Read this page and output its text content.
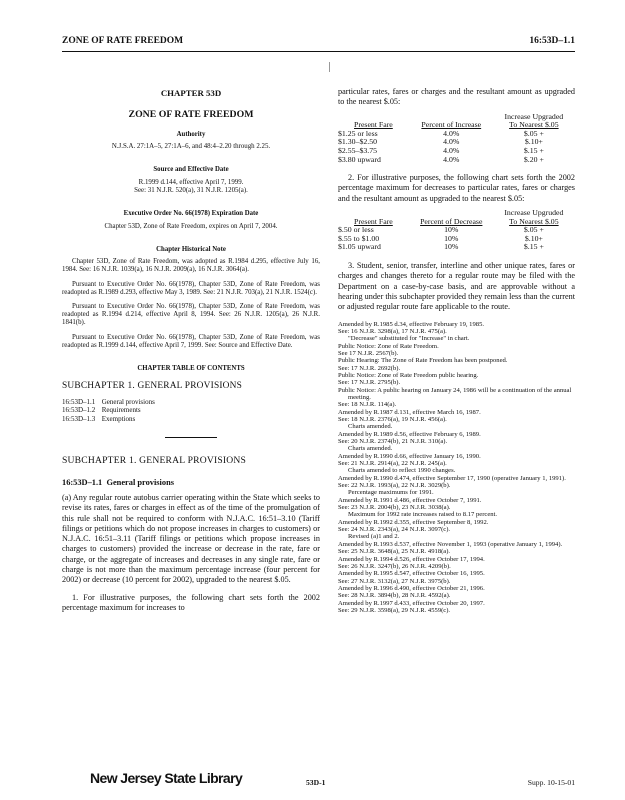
ZONE OF RATE FREEDOM	16:53D–1.1
CHAPTER 53D
ZONE OF RATE FREEDOM
Authority
N.J.S.A. 27:1A–5, 27:1A–6, and 48:4–2.20 through 2.25.
Source and Effective Date
R.1999 d.144, effective April 7, 1999.
See: 31 N.J.R. 520(a), 31 N.J.R. 1205(a).
Executive Order No. 66(1978) Expiration Date
Chapter 53D, Zone of Rate Freedom, expires on April 7, 2004.
Chapter Historical Note

Chapter 53D, Zone of Rate Freedom, was adopted as R.1984 d.295, effective July 16, 1984. See: 16 N.J.R. 1039(a), 16 N.J.R. 2009(a), 16 N.J.R. 3064(a).

Pursuant to Executive Order No. 66(1978), Chapter 53D, Zone of Rate Freedom, was readopted as R.1989 d.293, effective May 3, 1989. See: 21 N.J.R. 703(a), 21 N.J.R. 1524(c).

Pursuant to Executive Order No. 66(1978), Chapter 53D, Zone of Rate Freedom, was readopted as R.1994 d.214, effective April 8, 1994. See: 26 N.J.R. 1205(a), 26 N.J.R. 1841(b).

Pursuant to Executive Order No. 66(1978), Chapter 53D, Zone of Rate Freedom, was readopted as R.1999 d.144, effective April 7, 1999. See: Source and Effective Date.

CHAPTER TABLE OF CONTENTS
SUBCHAPTER 1. GENERAL PROVISIONS
16:53D–1.1 General provisions
16:53D–1.2 Requirements
16:53D–1.3 Exemptions
SUBCHAPTER 1. GENERAL PROVISIONS
16:53D–1.1 General provisions

(a) Any regular route autobus carrier operating within the State which seeks to revise its rates, fares or charges in effect as of the time of the promulgation of this rule shall not be required to conform with N.J.A.C. 16:51–3.10 (Tariff filings or petitions which do not propose increases in charges to customers) or N.J.A.C. 16:51–3.11 (Tariff filings or petitions which propose increases in charges to customers) provided the increase or decrease in the rate, fare or charge, or the aggregate of increases and decreases in any single rate, fare or charge is not more than the maximum percentage increase (four percent for 2002) or decrease (10 percent for 2002), upgraded to the nearest $.05.

1. For illustrative purposes, the following chart sets forth the 2002 percentage maximum for increases to

particular rates, fares or charges and the resultant amount as upgraded to the nearest $.05:

		Increase Upgraded
Present Fare	Percent of Increase	To Nearest $.05
$1.25 or less	4.0%	$.05 +
$1.30–$2.50	4.0%	$.10+
$2.55–$3.75	4.0%	$.15 +
$3.80 upward	4.0%	$.20 +

2. For illustrative purposes, the following chart sets forth the 2002 percentage maximum for decreases to particular rates, fares or charges and the resultant amount as upgraded to the nearest $.05:

		Increase Upgruded
Present Fare	Percent of Decrease	To Nearest $.05
$.50 or less	10%	$.05 +
$.55 to $1.00	10%	$.10+
$1.05 upward	10%	$.15 +

3. Student, senior, transfer, interline and other unique rates, fares or charges and changes thereto for a regular route may be filed with the Department on a case-by-case basis, and are approvable without a hearing under this subchapter provided they remain less than the current or adjusted regular route fare applicable to the route.

Amended by R.1985 d.34, effective February 19, 1985.
See: 16 N.J.R. 3298(a), 17 N.J.R. 475(a).
"Decrease" substituted for "Increase" in chart.
Public Notice: Zone of Rate Freedom.
See 17 N.J.R. 2567(b).
Public Hearing: The Zone of Rate Freedom has been postponed.
See: 17 N.J.R. 2692(b).
Public Notice: Zone of Rate Freedom public hearing.
See: 17 N.J.R. 2795(b).
Public Notice: A public hearing on January 24, 1986 will be a continuation of the annual meeting.
See: 18 N.J.R. 114(a).
Amended by R.1987 d.131, effective March 16, 1987.
See: 18 N.J.R. 2376(a), 19 N.J.R. 456(a).
Charts amended.
Amended by R.1989 d.56, effective February 6, 1989.
See: 20 N.J.R. 2374(b), 21 N.J.R. 310(a).
Charts amended.
Amended by R.1990 d.66, effective January 16, 1990.
See: 21 N.J.R. 2914(a), 22 N.J.R. 245(a).
Charts amended to reflect 1990 changes.
Amended by R.1990 d.474, effective September 17, 1990 (operative January 1, 1991).
See: 22 N.J.R. 1993(a), 22 N.J.R. 3029(b).
Percentage maximums for 1991.
Amended by R.1991 d.486, effective October 7, 1991.
See: 23 N.J.R. 2004(b), 23 N.J.R. 3038(a).
Maximum for 1992 rate increases raised to 8.17 percent.
Amended by R.1992 d.355, effective September 8, 1992.
See: 24 N.J.R. 2343(a), 24 N.J.R. 3097(c).
Revised (a)1 and 2.
Amended by R.1993 d.537, effective November 1, 1993 (operative January 1, 1994).
See: 25 N.J.R. 3648(a), 25 N.J.R. 4918(a).
Amended by R.1994 d.526, effective October 17, 1994.
See: 26 N.J.R. 3247(b), 26 N.J.R. 4209(b).
Amended by R.1995 d.547, effective October 16, 1995.
See: 27 N.J.R. 3132(a), 27 N.J.R. 3975(b).
Amended by R.1996 d.490, effective October 21, 1996.
See: 28 N.J.R. 3894(b), 28 N.J.R. 4592(a).
Amended by R.1997 d.433, effective October 20, 1997.
See: 29 N.J.R. 3598(a), 29 N.J.R. 4559(c).
New Jersey State Library	53D-1	Supp. 10-15-01
